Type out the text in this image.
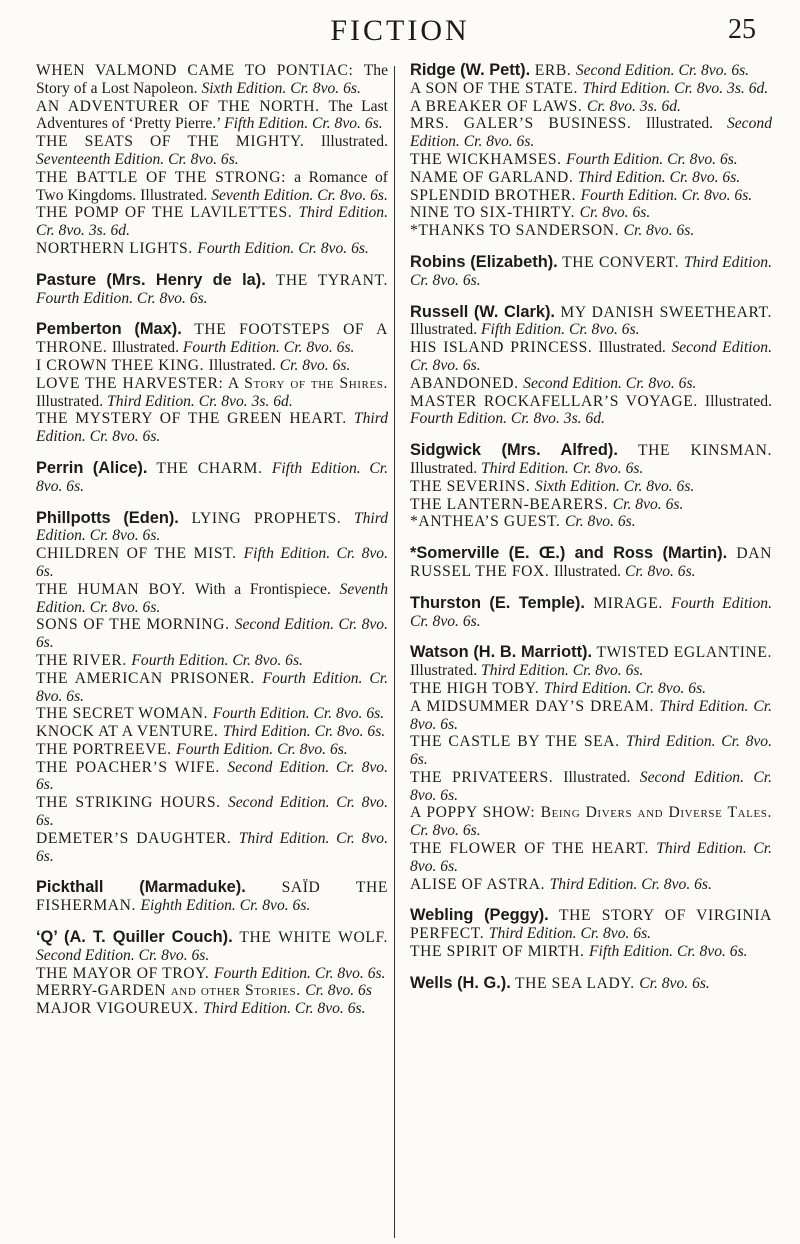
FICTION	25
WHEN VALMOND CAME TO PONTIAC: The Story of a Lost Napoleon. Sixth Edition. Cr. 8vo. 6s.
AN ADVENTURER OF THE NORTH. The Last Adventures of ‘Pretty Pierre.’ Fifth Edition. Cr. 8vo. 6s.
THE SEATS OF THE MIGHTY. Illustrated. Seventeenth Edition. Cr. 8vo. 6s.
THE BATTLE OF THE STRONG: a Romance of Two Kingdoms. Illustrated. Seventh Edition. Cr. 8vo. 6s.
THE POMP OF THE LAVILETTES. Third Edition. Cr. 8vo. 3s. 6d.
NORTHERN LIGHTS. Fourth Edition. Cr. 8vo. 6s.
Pasture (Mrs. Henry de la). THE TYRANT. Fourth Edition. Cr. 8vo. 6s.
Pemberton (Max). THE FOOTSTEPS OF A THRONE. Illustrated. Fourth Edition. Cr. 8vo. 6s.
I CROWN THEE KING. Illustrated. Cr. 8vo. 6s.
LOVE THE HARVESTER: A Story of the Shires. Illustrated. Third Edition. Cr. 8vo. 3s. 6d.
THE MYSTERY OF THE GREEN HEART. Third Edition. Cr. 8vo. 6s.
Perrin (Alice). THE CHARM. Fifth Edition. Cr. 8vo. 6s.
Phillpotts (Eden). LYING PROPHETS. Third Edition. Cr. 8vo. 6s.
CHILDREN OF THE MIST. Fifth Edition. Cr. 8vo. 6s.
THE HUMAN BOY. With a Frontispiece. Seventh Edition. Cr. 8vo. 6s.
SONS OF THE MORNING. Second Edition. Cr. 8vo. 6s.
THE RIVER. Fourth Edition. Cr. 8vo. 6s.
THE AMERICAN PRISONER. Fourth Edition. Cr. 8vo. 6s.
THE SECRET WOMAN. Fourth Edition. Cr. 8vo. 6s.
KNOCK AT A VENTURE. Third Edition. Cr. 8vo. 6s.
THE PORTREEVE. Fourth Edition. Cr. 8vo. 6s.
THE POACHER’S WIFE. Second Edition. Cr. 8vo. 6s.
THE STRIKING HOURS. Second Edition. Cr. 8vo. 6s.
DEMETER’S DAUGHTER. Third Edition. Cr. 8vo. 6s.
Pickthall (Marmaduke). SAÏD THE FISHERMAN. Eighth Edition. Cr. 8vo. 6s.
‘Q’ (A. T. Quiller Couch). THE WHITE WOLF. Second Edition. Cr. 8vo. 6s.
THE MAYOR OF TROY. Fourth Edition. Cr. 8vo. 6s.
MERRY-GARDEN and other Stories. Cr. 8vo. 6s
MAJOR VIGOUREUX. Third Edition. Cr. 8vo. 6s.
Ridge (W. Pett). ERB. Second Edition. Cr. 8vo. 6s.
A SON OF THE STATE. Third Edition. Cr. 8vo. 3s. 6d.
A BREAKER OF LAWS. Cr. 8vo. 3s. 6d.
MRS. GALER’S BUSINESS. Illustrated. Second Edition. Cr. 8vo. 6s.
THE WICKHAMSES. Fourth Edition. Cr. 8vo. 6s.
NAME OF GARLAND. Third Edition. Cr. 8vo. 6s.
SPLENDID BROTHER. Fourth Edition. Cr. 8vo. 6s.
NINE TO SIX-THIRTY. Cr. 8vo. 6s.
*THANKS TO SANDERSON. Cr. 8vo. 6s.
Robins (Elizabeth). THE CONVERT. Third Edition. Cr. 8vo. 6s.
Russell (W. Clark). MY DANISH SWEETHEART. Illustrated. Fifth Edition. Cr. 8vo. 6s.
HIS ISLAND PRINCESS. Illustrated. Second Edition. Cr. 8vo. 6s.
ABANDONED. Second Edition. Cr. 8vo. 6s.
MASTER ROCKAFELLAR’S VOYAGE. Illustrated. Fourth Edition. Cr. 8vo. 3s. 6d.
Sidgwick (Mrs. Alfred). THE KINSMAN. Illustrated. Third Edition. Cr. 8vo. 6s.
THE SEVERINS. Sixth Edition. Cr. 8vo. 6s.
THE LANTERN-BEARERS. Cr. 8vo. 6s.
*ANTHEA’S GUEST. Cr. 8vo. 6s.
*Somerville (E. Œ.) and Ross (Martin). DAN RUSSEL THE FOX. Illustrated. Cr. 8vo. 6s.
Thurston (E. Temple). MIRAGE. Fourth Edition. Cr. 8vo. 6s.
Watson (H. B. Marriott). TWISTED EGLANTINE. Illustrated. Third Edition. Cr. 8vo. 6s.
THE HIGH TOBY. Third Edition. Cr. 8vo. 6s.
A MIDSUMMER DAY’S DREAM. Third Edition. Cr. 8vo. 6s.
THE CASTLE BY THE SEA. Third Edition. Cr. 8vo. 6s.
THE PRIVATEERS. Illustrated. Second Edition. Cr. 8vo. 6s.
A POPPY SHOW: Being Divers and Diverse Tales. Cr. 8vo. 6s.
THE FLOWER OF THE HEART. Third Edition. Cr. 8vo. 6s.
ALISE OF ASTRA. Third Edition. Cr. 8vo. 6s.
Webling (Peggy). THE STORY OF VIRGINIA PERFECT. Third Edition. Cr. 8vo. 6s.
THE SPIRIT OF MIRTH. Fifth Edition. Cr. 8vo. 6s.
Wells (H. G.). THE SEA LADY. Cr. 8vo. 6s.
